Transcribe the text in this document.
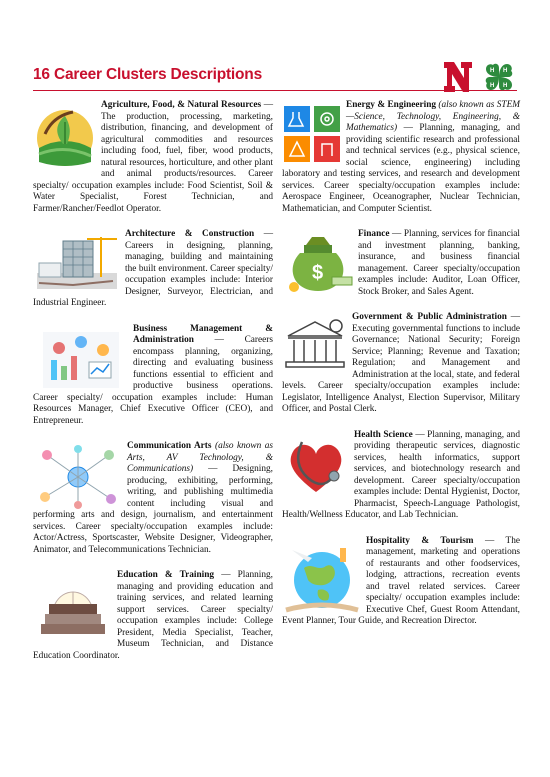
16 Career Clusters Descriptions	H H
H
H

Agriculture, Food, & Natural Resources — The production, processing, marketing, distribution, financing, and development of agricultural commodities and resources including food, fuel, fiber, wood products, natural resources, horticulture, and other plant and animal products/resources. Career specialty/ occupation examples include: Food Scientist, Soil & Water Specialist, Forest Technician, and Farmer/Rancher/Feedlot Operator.

Architecture & Construction — Careers in designing, planning, managing, building and maintaining the built environment. Career specialty/ occupation examples include: Interior Designer, Surveyor, Electrician, and Industrial Engineer.

Business Management & Administration — Careers encompass planning, organizing, directing and evaluating business functions essential to efficient and productive business operations. Career specialty/ occupation examples include: Human Resources Manager, Chief Executive Officer (CEO), and Entrepreneur.

Communication Arts (also known as Arts, AV Technology, & Communications) — Designing, producing, exhibiting, performing, writing, and publishing multimedia content including visual and performing arts and design, journalism, and entertainment services. Career specialty/occupation examples include: Actor/Actress, Sportscaster, Website Designer, Videographer, Animator, and Telecommunications Technician.

Education & Training — Planning, managing and providing education and training services, and related learning support services. Career specialty/ occupation examples include: College President, Media Specialist, Teacher, Museum Technician, and Distance Education Coordinator.

Energy & Engineering (also known as STEM—Science, Technology, Engineering, & Mathematics) — Planning, managing, and providing scientific research and professional and technical services (e.g., physical science, social science, engineering) including laboratory and testing services, and research and development services. Career specialty/occupation examples include: Aerospace Engineer, Oceanographer, Nuclear Technician, Mathematician, and Computer Scientist.

$

Finance — Planning, services for financial and investment planning, banking, insurance, and business financial management. Career specialty/occupation examples include: Auditor, Loan Officer, Stock Broker, and Sales Agent.

Government & Public Administration — Executing governmental functions to include Governance; National Security; Foreign Service; Planning; Revenue and Taxation; Regulation; and Management and Administration at the local, state, and federal levels. Career specialty/occupation examples include: Legislator, Intelligence Analyst, Election Supervisor, Military Officer, and Postal Clerk.

Health Science — Planning, managing, and providing therapeutic services, diagnostic services, health informatics, support services, and biotechnology research and development. Career specialty/occupation examples include: Dental Hygienist, Doctor, Pharmacist, Speech-Language Pathologist, Health/Wellness Educator, and Lab Technician.

Hospitality & Tourism — The management, marketing and operations of restaurants and other foodservices, lodging, attractions, recreation events and travel related services. Career specialty/ occupation examples include: Executive Chef, Guest Room Attendant, Event Planner, Tour Guide, and Recreation Director.
